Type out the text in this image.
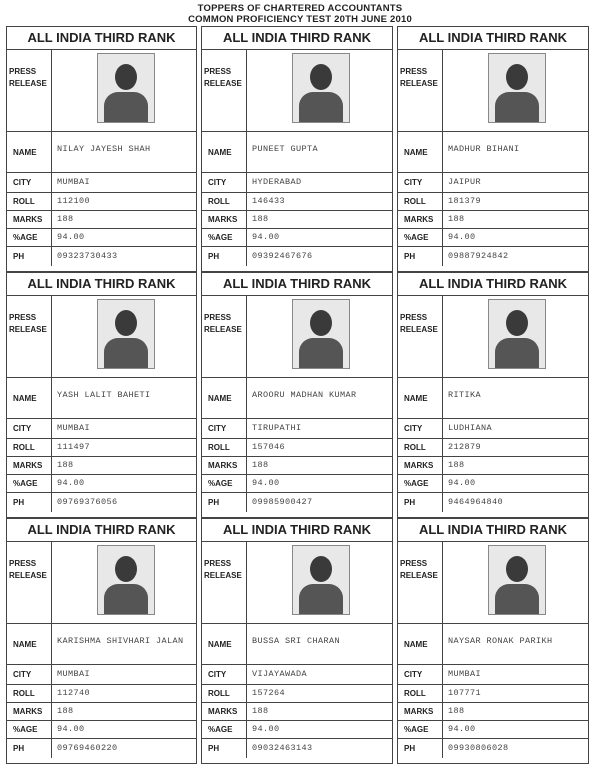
TOPPERS OF CHARTERED ACCOUNTANTS
COMMON PROFICIENCY TEST 20TH JUNE 2010
ALL INDIA THIRD RANK
PRESS RELEASE
NAME NILAY JAYESH SHAH
CITY	MUMBAI
ROLL	112100
MARKS 188
%AGE 94.00
PH	09323730433
ALL INDIA THIRD RANK
PRESS RELEASE
NAME PUNEET GUPTA
CITY	HYDERABAD
ROLL	146433
MARKS 188
%AGE 94.00
PH	09392467676
ALL INDIA THIRD RANK
PRESS RELEASE
NAME MADHUR BIHANI
CITY	JAIPUR
ROLL	181379
MARKS 188
%AGE 94.00
PH	09887924842
ALL INDIA THIRD RANK
PRESS RELEASE
NAME YASH LALIT BAHETI
CITY	MUMBAI
ROLL	111497
MARKS 188
%AGE 94.00
PH	09769376056
ALL INDIA THIRD RANK
PRESS RELEASE
NAME AROORU MADHAN KUMAR
CITY	TIRUPATHI
ROLL	157046
MARKS 188
%AGE 94.00
PH	09985900427
ALL INDIA THIRD RANK
PRESS RELEASE
NAME RITIKA
CITY	LUDHIANA
ROLL	212879
MARKS 188
%AGE 94.00
PH	9464964840
ALL INDIA THIRD RANK
PRESS RELEASE
NAME KARISHMA SHIVHARI JALAN
CITY	MUMBAI
ROLL	112740
MARKS 188
%AGE 94.00
PH	09769460220
ALL INDIA THIRD RANK
PRESS RELEASE
NAME BUSSA SRI CHARAN
CITY	VIJAYAWADA
ROLL	157264
MARKS 188
%AGE 94.00
PH	09032463143
ALL INDIA THIRD RANK
PRESS RELEASE
NAME NAYSAR RONAK PARIKH
CITY	MUMBAI
ROLL	107771
MARKS 188
%AGE 94.00
PH	09930806028
